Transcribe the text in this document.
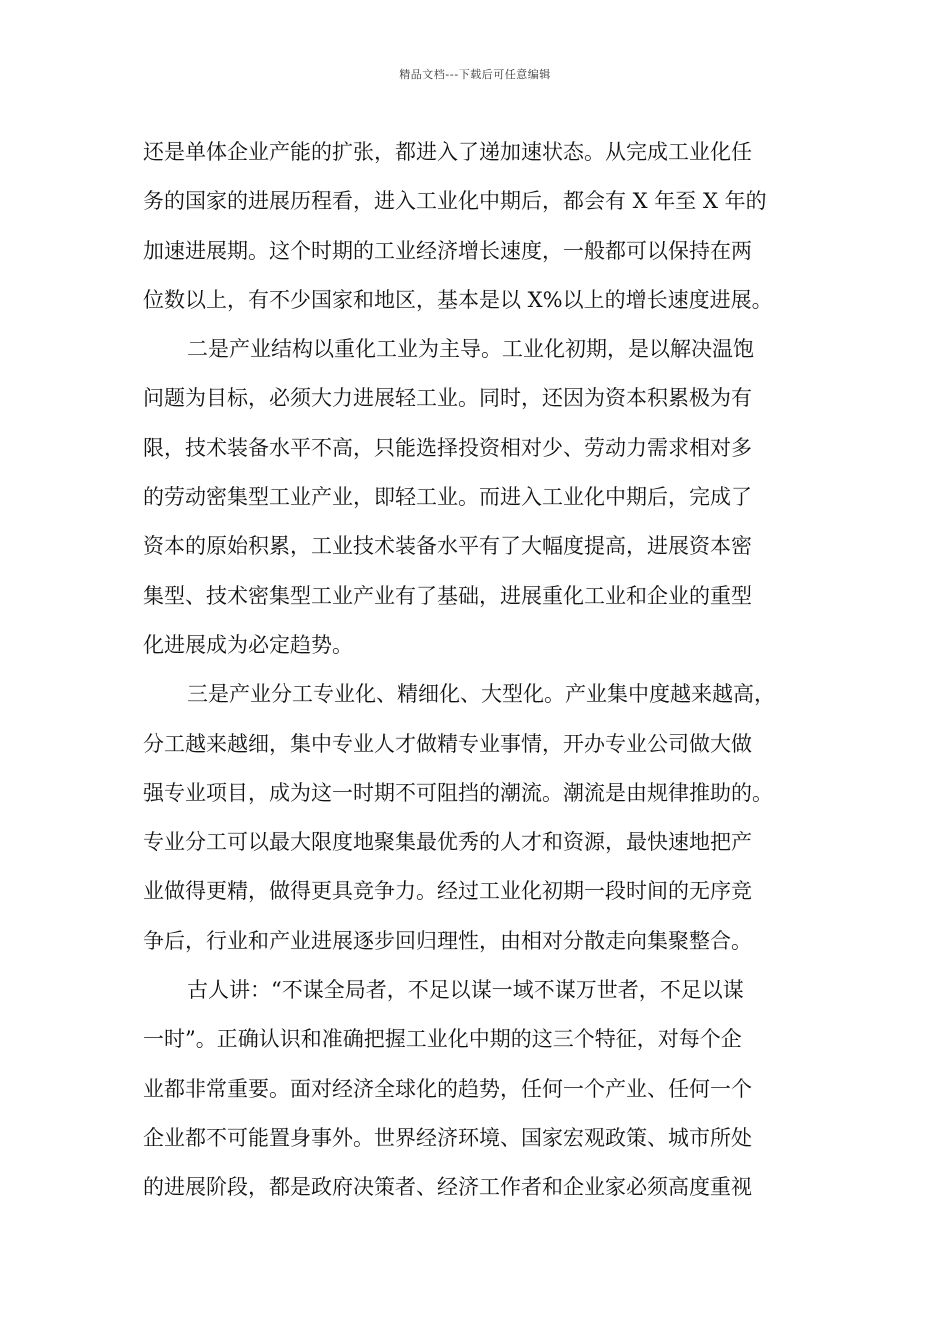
精品文档---下载后可任意编辑
还是单体企业产能的扩张，都进入了递加速状态。从完成工业化任
务的国家的进展历程看，进入工业化中期后，都会有 X 年至 X 年的
加速进展期。这个时期的工业经济增长速度，一般都可以保持在两
位数以上，有不少国家和地区，基本是以 X%以上的增长速度进展。
二是产业结构以重化工业为主导。工业化初期，是以解决温饱
问题为目标，必须大力进展轻工业。同时，还因为资本积累极为有
限，技术装备水平不高，只能选择投资相对少、劳动力需求相对多
的劳动密集型工业产业，即轻工业。而进入工业化中期后，完成了
资本的原始积累，工业技术装备水平有了大幅度提高，进展资本密
集型、技术密集型工业产业有了基础，进展重化工业和企业的重型
化进展成为必定趋势。
三是产业分工专业化、精细化、大型化。产业集中度越来越高，
分工越来越细，集中专业人才做精专业事情，开办专业公司做大做
强专业项目，成为这一时期不可阻挡的潮流。潮流是由规律推助的。
专业分工可以最大限度地聚集最优秀的人才和资源，最快速地把产
业做得更精，做得更具竞争力。经过工业化初期一段时间的无序竞
争后，行业和产业进展逐步回归理性，由相对分散走向集聚整合。
古人讲：“不谋全局者，不足以谋一域不谋万世者，不足以谋
一时”。正确认识和准确把握工业化中期的这三个特征，对每个企
业都非常重要。面对经济全球化的趋势，任何一个产业、任何一个
企业都不可能置身事外。世界经济环境、国家宏观政策、城市所处
的进展阶段，都是政府决策者、经济工作者和企业家必须高度重视
